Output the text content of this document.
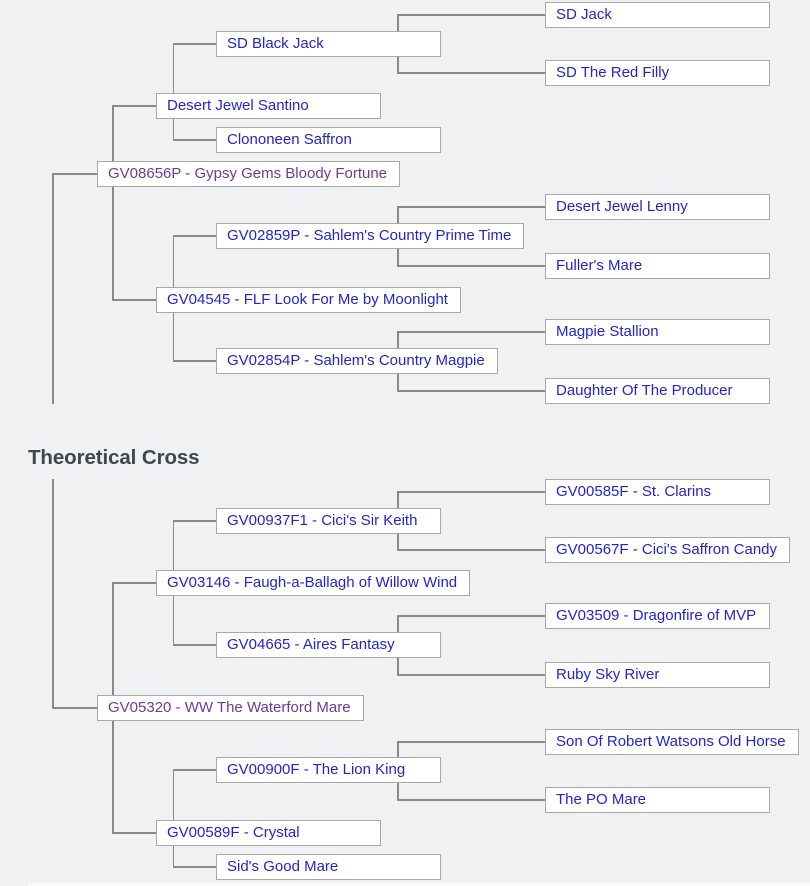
Theoretical Cross
GV08656P - Gypsy Gems Bloody Fortune
Desert Jewel Santino
SD Black Jack
SD Jack
SD The Red Filly
Clononeen Saffron
GV04545 - FLF Look For Me by Moonlight
GV02859P - Sahlem's Country Prime Time
Desert Jewel Lenny
Fuller's Mare
GV02854P - Sahlem's Country Magpie
Magpie Stallion
Daughter Of The Producer
GV05320 - WW The Waterford Mare
GV03146 - Faugh-a-Ballagh of Willow Wind
GV00937F1 - Cici's Sir Keith
GV00585F - St. Clarins
GV00567F - Cici's Saffron Candy
GV04665 - Aires Fantasy
GV03509 - Dragonfire of MVP
Ruby Sky River
GV00589F - Crystal
GV00900F - The Lion King
Son Of Robert Watsons Old Horse
The PO Mare
Sid's Good Mare
